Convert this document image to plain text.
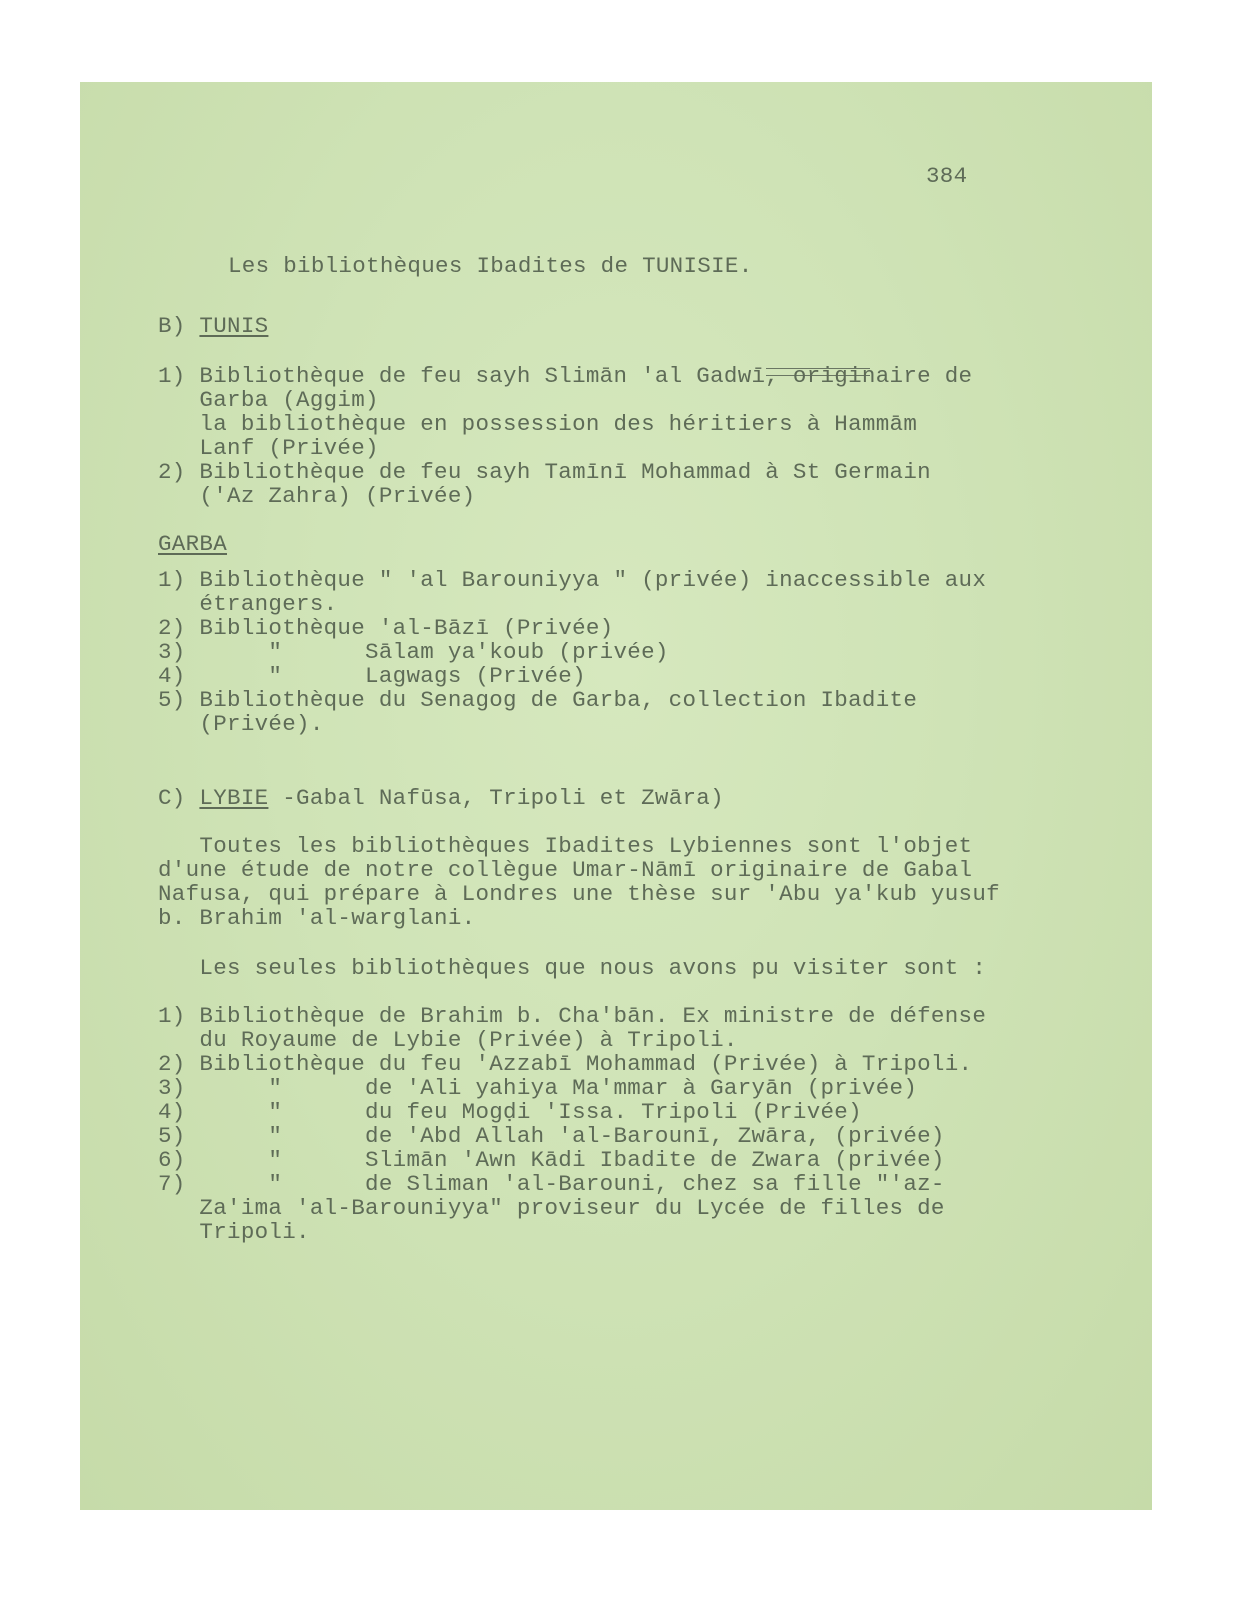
384
Les bibliothèques Ibadites de TUNISIE.
B) TUNIS
1) Bibliothèque de feu sayh Slimān 'al Gadwī, originaire de
Garba (Aggim)
la bibliothèque en possession des héritiers à Hammām
Lanf (Privée)
2) Bibliothèque de feu sayh Tamīnī Mohammad à St Germain
('Az Zahra) (Privée)
GARBA
1) Bibliothèque " 'al Barouniyya " (privée) inaccessible aux
étrangers.
2) Bibliothèque 'al-Bāzī (Privée)
3)      "      Sālam ya'koub (privée)
4)      "      Lagwags (Privée)
5) Bibliothèque du Senagog de Garba, collection Ibadite
(Privée).
C) LYBIE -Gabal Nafūsa, Tripoli et Zwāra)
Toutes les bibliothèques Ibadites Lybiennes sont l'objet
d'une étude de notre collègue Umar-Nāmī originaire de Gabal
Nafusa, qui prépare à Londres une thèse sur 'Abu ya'kub yusuf
b. Brahim 'al-warglani.
Les seules bibliothèques que nous avons pu visiter sont :
1) Bibliothèque de Brahim b. Cha'bān. Ex ministre de défense
du Royaume de Lybie (Privée) à Tripoli.
2) Bibliothèque du feu 'Azzabī Mohammad (Privée) à Tripoli.
3)      "      de 'Ali yahiya Ma'mmar à Garyān (privée)
4)      "      du feu Mogḍi 'Issa. Tripoli (Privée)
5)      "      de 'Abd Allah 'al-Barounī, Zwāra, (privée)
6)      "      Slimān 'Awn Kādi Ibadite de Zwara (privée)
7)      "      de Sliman 'al-Barouni, chez sa fille "'az-
Za'ima 'al-Barouniyya" proviseur du Lycée de filles de
Tripoli.
